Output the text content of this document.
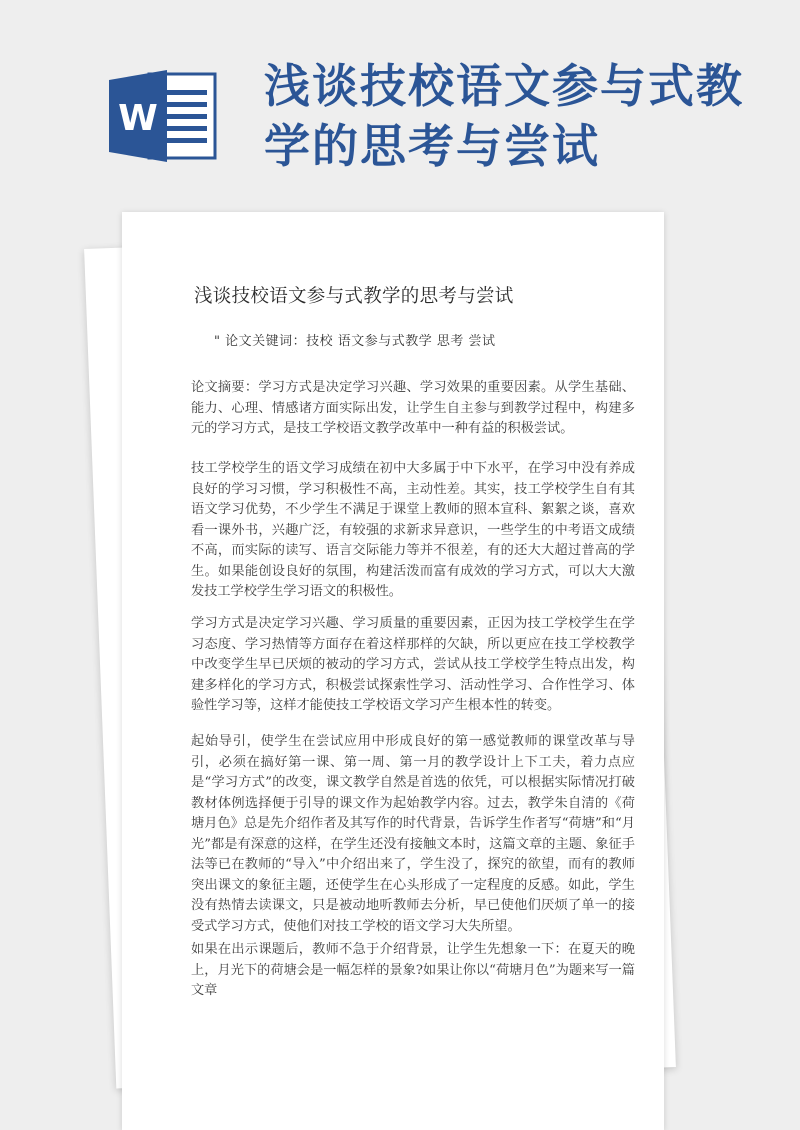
W
浅谈技校语文参与式教学的思考与尝试
浅谈技校语文参与式教学的思考与尝试
" 论文关键词：技校 语文参与式教学 思考 尝试

论文摘要：学习方式是决定学习兴趣、学习效果的重要因素。从学生基础、能力、心理、情感诸方面实际出发，让学生自主参与到教学过程中，构建多元的学习方式，是技工学校语文教学改革中一种有益的积极尝试。

技工学校学生的语文学习成绩在初中大多属于中下水平，在学习中没有养成良好的学习习惯，学习积极性不高，主动性差。其实，技工学校学生自有其语文学习优势，不少学生不满足于课堂上教师的照本宣科、絮絮之谈，喜欢看一课外书，兴趣广泛，有较强的求新求异意识，一些学生的中考语文成绩不高，而实际的读写、语言交际能力等并不很差，有的还大大超过普高的学生。如果能创设良好的氛围，构建活泼而富有成效的学习方式，可以大大激发技工学校学生学习语文的积极性。

学习方式是决定学习兴趣、学习质量的重要因素，正因为技工学校学生在学习态度、学习热情等方面存在着这样那样的欠缺，所以更应在技工学校教学中改变学生早已厌烦的被动的学习方式，尝试从技工学校学生特点出发，构建多样化的学习方式，积极尝试探索性学习、活动性学习、合作性学习、体验性学习等，这样才能使技工学校语文学习产生根本性的转变。

起始导引，使学生在尝试应用中形成良好的第一感觉教师的课堂改革与导引，必须在搞好第一课、第一周、第一月的教学设计上下工夫，着力点应是“学习方式”的改变，课文教学自然是首选的依凭，可以根据实际情况打破教材体例选择便于引导的课文作为起始教学内容。过去，教学朱自清的《荷塘月色》总是先介绍作者及其写作的时代背景，告诉学生作者写“荷塘”和“月光”都是有深意的这样，在学生还没有接触文本时，这篇文章的主题、象征手法等已在教师的“导入”中介绍出来了，学生没了，探究的欲望，而有的教师突出课文的象征主题，还使学生在心头形成了一定程度的反感。如此，学生没有热情去读课文，只是被动地听教师去分析，早已使他们厌烦了单一的接受式学习方式，使他们对技工学校的语文学习大失所望。

如果在出示课题后，教师不急于介绍背景，让学生先想象一下：在夏天的晚上，月光下的荷塘会是一幅怎样的景象?如果让你以“荷塘月色”为题来写一篇文章
